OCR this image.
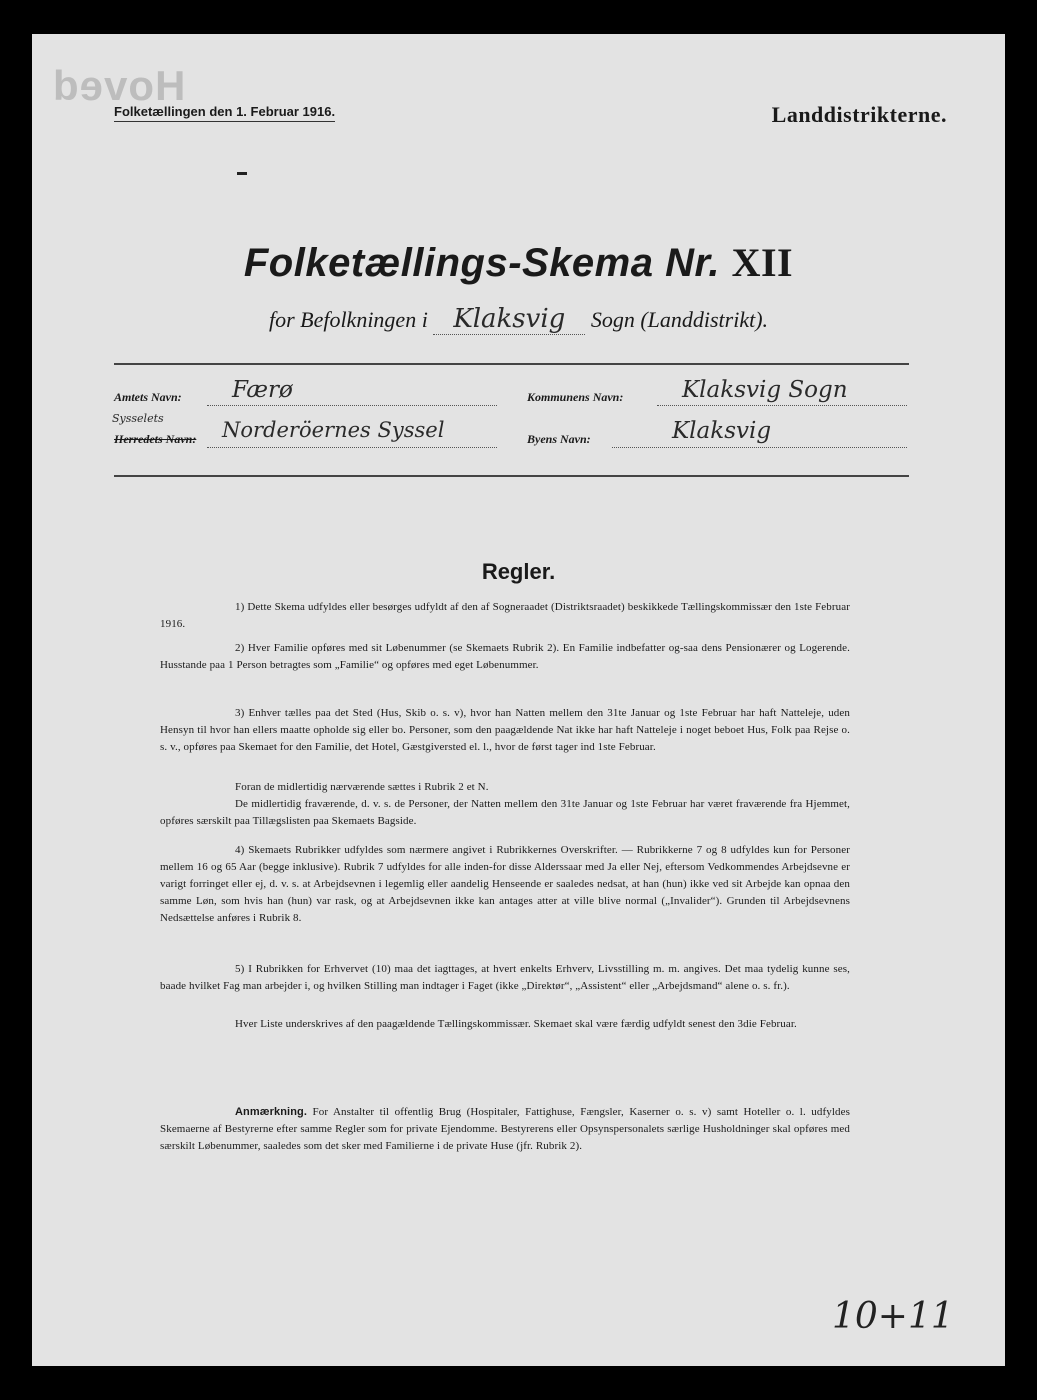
Hoved
Folketællingen den 1. Februar 1916.	Landdistrikterne.
Folketællings-Skema Nr. XII
for Befolkningen i Klaksvig Sogn (Landdistrikt).
Amtets Navn: Færø	Kommunens Navn:	Klaksvig Sogn
Sysselets
Herredets Navn: Norderöernes Syssel	Byens Navn:	Klaksvig
Regler.
1) Dette Skema udfyldes eller besørges udfyldt af den af Sogneraadet (Distriktsraadet) beskikkede Tællingskommissær den 1ste Februar 1916.
2) Hver Familie opføres med sit Løbenummer (se Skemaets Rubrik 2). En Familie indbefatter og-saa dens Pensionærer og Logerende. Husstande paa 1 Person betragtes som „Familie“ og opføres med eget Løbenummer.
3) Enhver tælles paa det Sted (Hus, Skib o. s. v), hvor han Natten mellem den 31te Januar og 1ste Februar har haft Natteleje, uden Hensyn til hvor han ellers maatte opholde sig eller bo. Personer, som den paagældende Nat ikke har haft Natteleje i noget beboet Hus, Folk paa Rejse o. s. v., opføres paa Skemaet for den Familie, det Hotel, Gæstgiversted el. l., hvor de først tager ind 1ste Februar.
Foran de midlertidig nærværende sættes i Rubrik 2 et N.
De midlertidig fraværende, d. v. s. de Personer, der Natten mellem den 31te Januar og 1ste Februar har været fraværende fra Hjemmet, opføres særskilt paa Tillægslisten paa Skemaets Bagside.
4) Skemaets Rubrikker udfyldes som nærmere angivet i Rubrikkernes Overskrifter. — Rubrikkerne 7 og 8 udfyldes kun for Personer mellem 16 og 65 Aar (begge inklusive). Rubrik 7 udfyldes for alle inden-for disse Alderssaar med Ja eller Nej, eftersom Vedkommendes Arbejdsevne er varigt forringet eller ej, d. v. s. at Arbejdsevnen i legemlig eller aandelig Henseende er saaledes nedsat, at han (hun) ikke ved sit Arbejde kan opnaa den samme Løn, som hvis han (hun) var rask, og at Arbejdsevnen ikke kan antages atter at ville blive normal („Invalider“). Grunden til Arbejdsevnens Nedsættelse anføres i Rubrik 8.
5) I Rubrikken for Erhvervet (10) maa det iagttages, at hvert enkelts Erhverv, Livsstilling m. m. angives. Det maa tydelig kunne ses, baade hvilket Fag man arbejder i, og hvilken Stilling man indtager i Faget (ikke „Direktør“, „Assistent“ eller „Arbejdsmand“ alene o. s. fr.).
Hver Liste underskrives af den paagældende Tællingskommissær. Skemaet skal være færdig udfyldt senest den 3die Februar.
Anmærkning. For Anstalter til offentlig Brug (Hospitaler, Fattighuse, Fængsler, Kaserner o. s. v) samt Hoteller o. l. udfyldes Skemaerne af Bestyrerne efter samme Regler som for private Ejendomme. Bestyrerens eller Opsynspersonalets særlige Husholdninger skal opføres med særskilt Løbenummer, saaledes som det sker med Familierne i de private Huse (jfr. Rubrik 2).
10+11
